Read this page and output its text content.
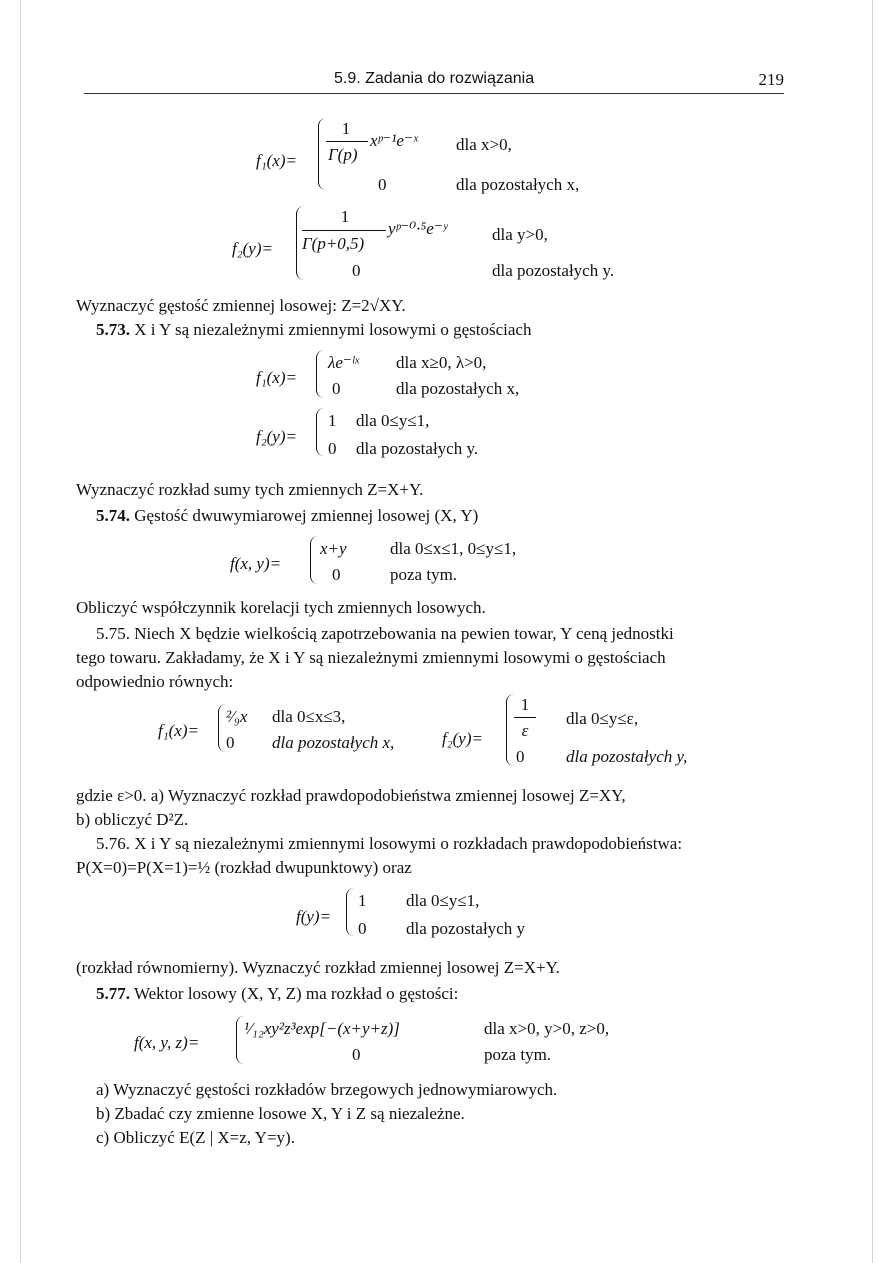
5.9. Zadania do rozwiązania	219
f₁(x)=
1
Γ(p)
xᵖ⁻¹e⁻ˣ dla x>0,
0	dla pozostałych x,
f₂(y)=
1
Γ(p+0,5)
yᵖ⁻⁰·⁵e⁻ʸ	dla y>0,
0	dla pozostałych y.
Wyznaczyć gęstość zmiennej losowej: Z=2√XY.
5.73. X i Y są niezależnymi zmiennymi losowymi o gęstościach
f₁(x)=
λe⁻ˡˣ dla x≥0, λ>0,
0	dla pozostałych x,
f₂(y)=
1 dla 0≤y≤1,
0 dla pozostałych y.
Wyznaczyć rozkład sumy tych zmiennych Z=X+Y.
5.74. Gęstość dwuwymiarowej zmiennej losowej (X, Y)
f(x, y)=
x+y	dla 0≤x≤1, 0≤y≤1,
0	poza tym.
Obliczyć współczynnik korelacji tych zmiennych losowych.
5.75. Niech X będzie wielkością zapotrzebowania na pewien towar, Y ceną jednostki
tego towaru. Zakładamy, że X i Y są niezależnymi zmiennymi losowymi o gęstościach
odpowiednio równych:
f₁(x)=
²⁄₉x dla 0≤x≤3,
0 dla pozostałych x,	f₂(y)=
1
ε
dla 0≤y≤ε,
0 dla pozostałych y,
gdzie ε>0. a) Wyznaczyć rozkład prawdopodobieństwa zmiennej losowej Z=XY,
b) obliczyć D²Z.
5.76. X i Y są niezależnymi zmiennymi losowymi o rozkładach prawdopodobieństwa:
P(X=0)=P(X=1)=½ (rozkład dwupunktowy) oraz
f(y)=
1 dla 0≤y≤1,
0 dla pozostałych y
(rozkład równomierny). Wyznaczyć rozkład zmiennej losowej Z=X+Y.
5.77. Wektor losowy (X, Y, Z) ma rozkład o gęstości:
f(x, y, z)=
¹⁄₁₂xy²z³exp[−(x+y+z)]	dla x>0, y>0, z>0,
0	poza tym.
a) Wyznaczyć gęstości rozkładów brzegowych jednowymiarowych.
b) Zbadać czy zmienne losowe X, Y i Z są niezależne.
c) Obliczyć E(Z | X=z, Y=y).
